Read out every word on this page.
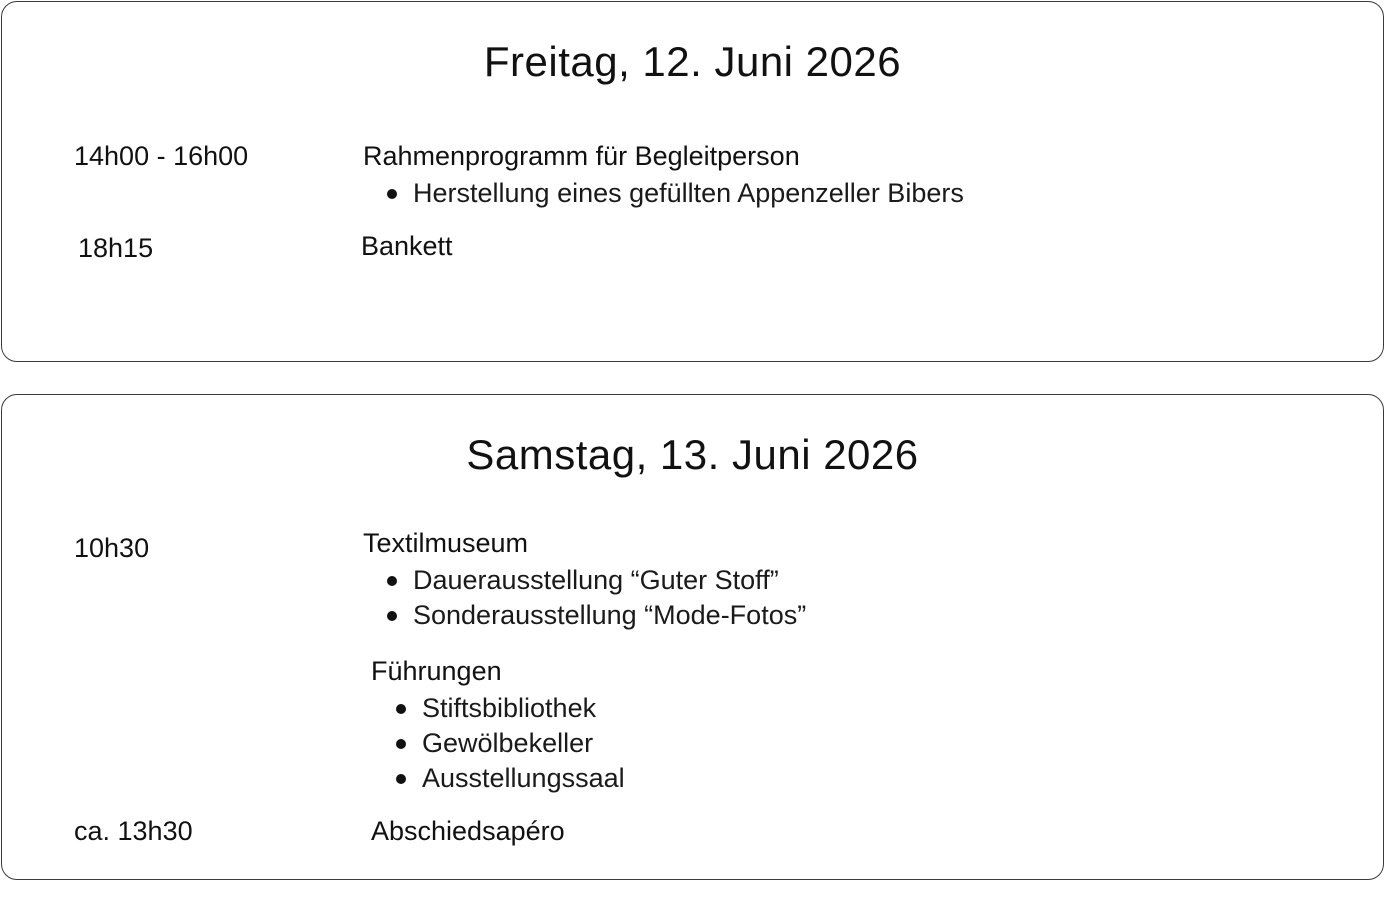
Freitag, 12. Juni 2026
14h00 - 16h00	Rahmenprogramm für Begleitperson
Herstellung eines gefüllten Appenzeller Bibers
18h15	Bankett
Samstag, 13. Juni 2026
10h30	Textilmuseum
Dauerausstellung “Guter Stoff”
Sonderausstellung “Mode-Fotos”
Führungen
Stiftsbibliothek
Gewölbekeller
Ausstellungssaal
ca. 13h30	Abschiedsapéro
